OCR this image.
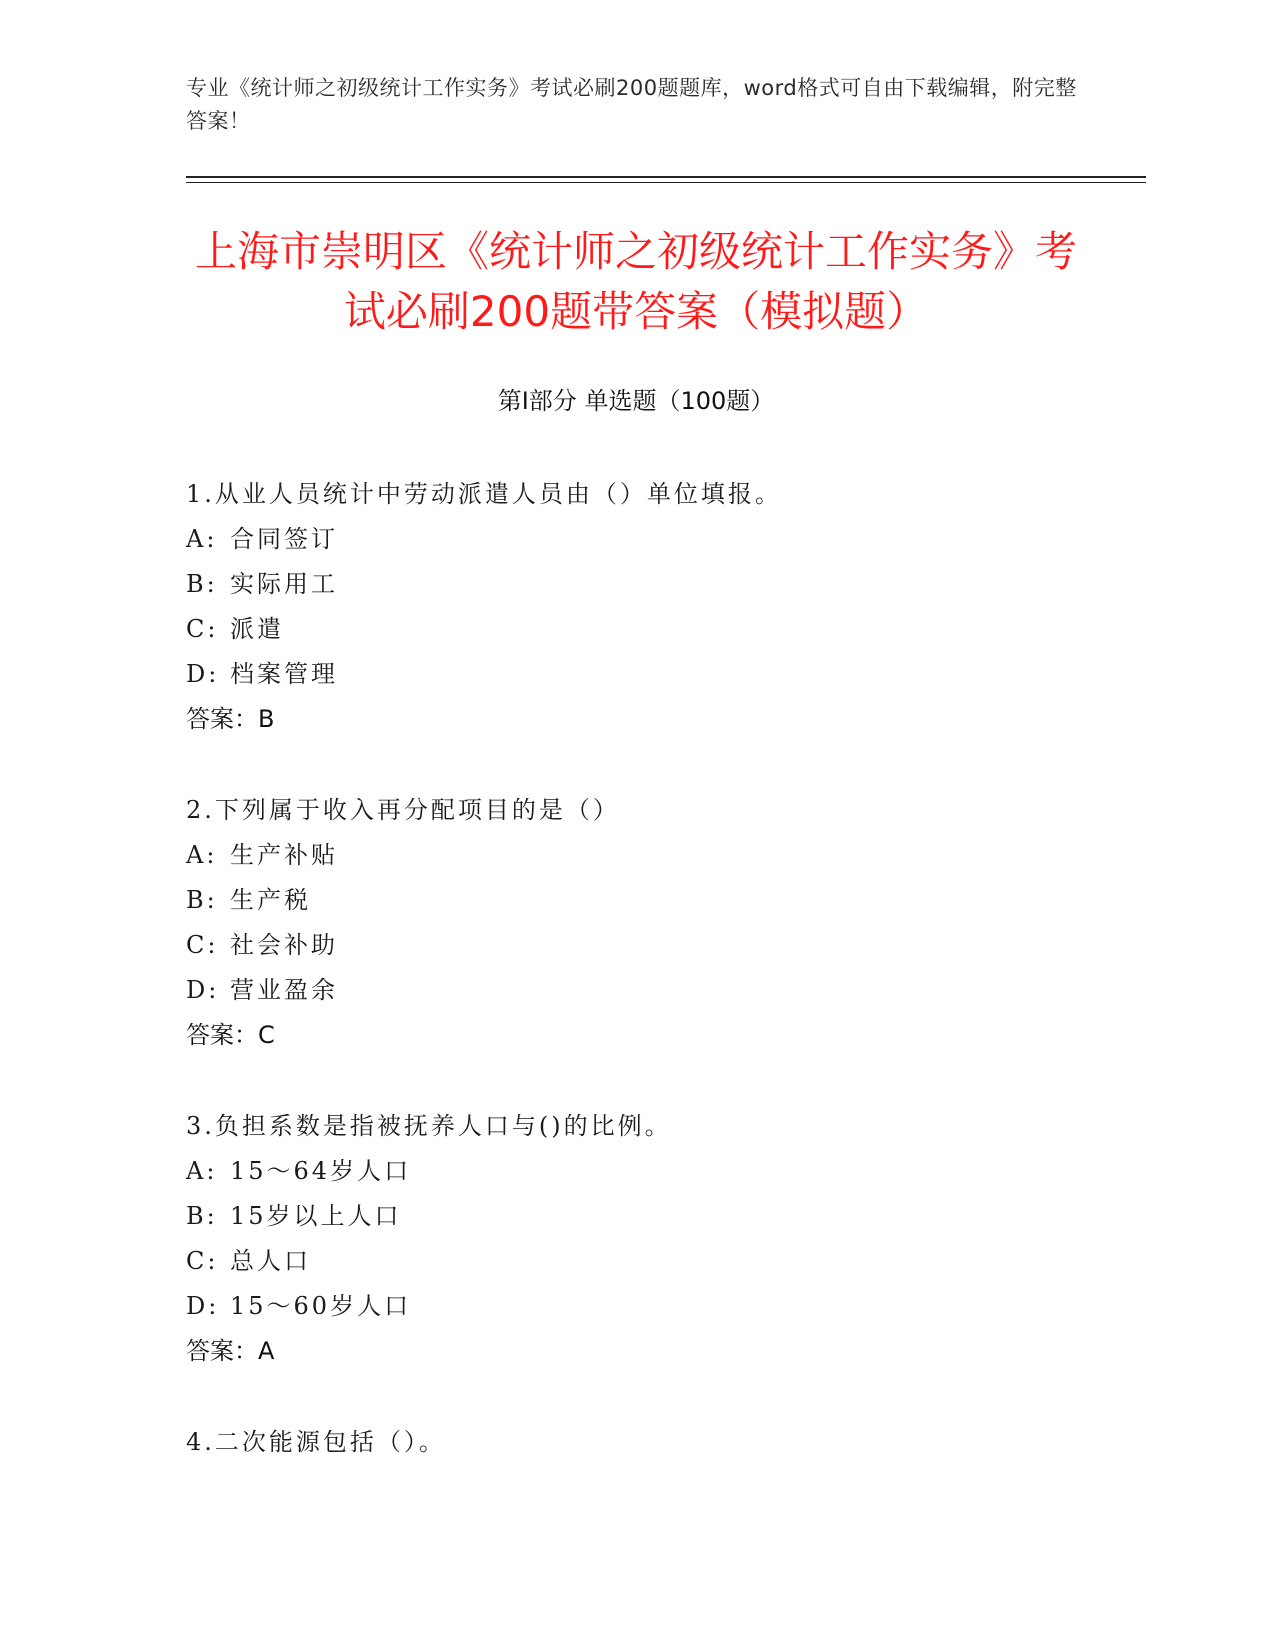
专业《统计师之初级统计工作实务》考试必刷200题题库，word格式可自由下载编辑，附完整答案！
上海市崇明区《统计师之初级统计工作实务》考试必刷200题带答案（模拟题）
第I部分 单选题（100题）
1.从业人员统计中劳动派遣人员由（）单位填报。
A: 合同签订
B: 实际用工
C: 派遣
D: 档案管理
答案：B
2.下列属于收入再分配项目的是（）
A: 生产补贴
B: 生产税
C: 社会补助
D: 营业盈余
答案：C
3.负担系数是指被抚养人口与()的比例。
A: 15～64岁人口
B: 15岁以上人口
C: 总人口
D: 15～60岁人口
答案：A
4.二次能源包括（）。
